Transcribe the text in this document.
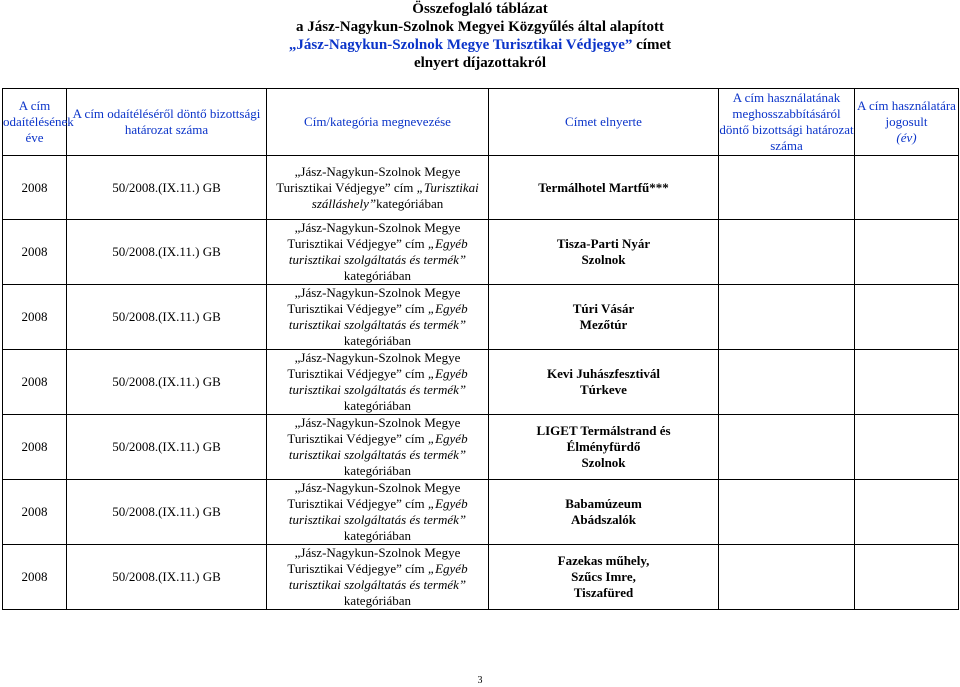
Összefoglaló táblázat
a Jász-Nagykun-Szolnok Megyei Közgyűlés által alapított
„Jász-Nagykun-Szolnok Megye Turisztikai Védjegye” címet
elnyert díjazottakról
A cím odaítélésének éve	A cím odaítéléséről döntő bizottsági határozat száma	Cím/kategória megnevezése	Címet elnyerte	A cím használatának meghosszabbításáról döntő bizottsági határozat száma	A cím használatára jogosult
(év)

2008	50/2008.(IX.11.) GB	„Jász-Nagykun-Szolnok Megye Turisztikai Védjegye” cím „Turisztikai szálláshely”kategóriában	Termálhotel Martfű***		

2008	50/2008.(IX.11.) GB	„Jász-Nagykun-Szolnok Megye Turisztikai Védjegye” cím „Egyéb turisztikai szolgáltatás és termék” kategóriában	Tisza-Parti Nyár
Szolnok		

2008	50/2008.(IX.11.) GB	„Jász-Nagykun-Szolnok Megye Turisztikai Védjegye” cím „Egyéb turisztikai szolgáltatás és termék” kategóriában	Túri Vásár
Mezőtúr		

2008	50/2008.(IX.11.) GB	„Jász-Nagykun-Szolnok Megye Turisztikai Védjegye” cím „Egyéb turisztikai szolgáltatás és termék” kategóriában	Kevi Juhászfesztivál
Túrkeve		

2008	50/2008.(IX.11.) GB	„Jász-Nagykun-Szolnok Megye Turisztikai Védjegye” cím „Egyéb turisztikai szolgáltatás és termék” kategóriában	LIGET Termálstrand és
Élményfürdő
Szolnok		

2008	50/2008.(IX.11.) GB	„Jász-Nagykun-Szolnok Megye Turisztikai Védjegye” cím „Egyéb turisztikai szolgáltatás és termék” kategóriában	Babamúzeum
Abádszalók		

2008	50/2008.(IX.11.) GB	„Jász-Nagykun-Szolnok Megye Turisztikai Védjegye” cím „Egyéb turisztikai szolgáltatás és termék” kategóriában	Fazekas műhely,
Szűcs Imre,
Tiszafüred		

3
